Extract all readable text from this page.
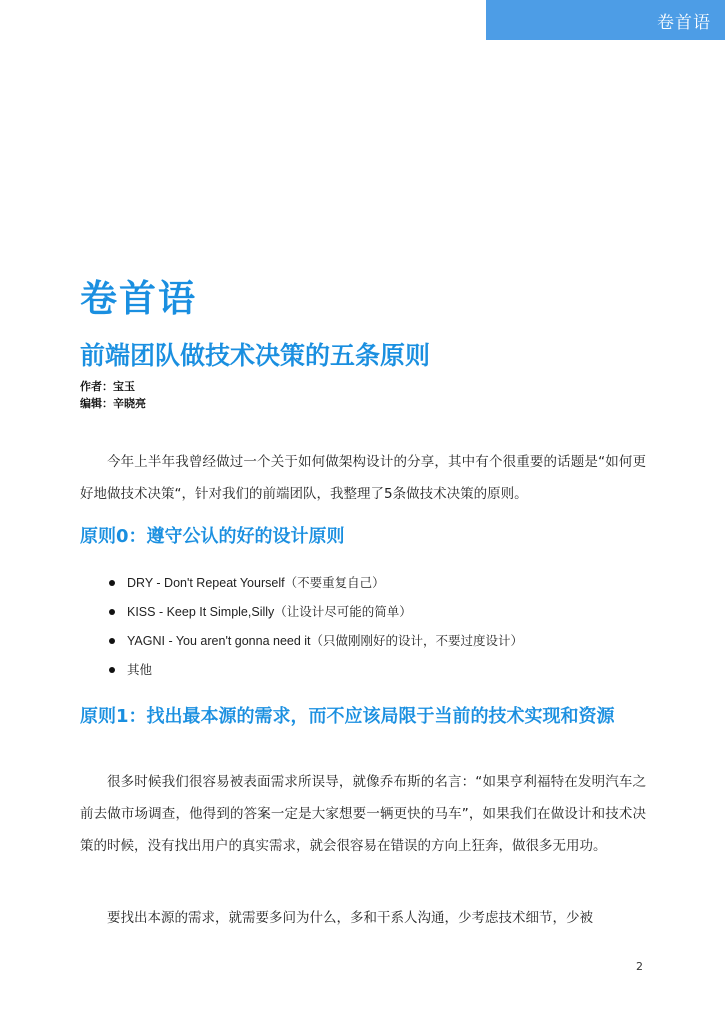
卷首语
卷首语
前端团队做技术决策的五条原则
作者：宝玉
编辑：辛晓亮

今年上半年我曾经做过一个关于如何做架构设计的分享，其中有个很重要的话题是“如何更好地做技术决策“，针对我们的前端团队，我整理了5条做技术决策的原则。

原则0：遵守公认的好的设计原则
DRY - Don't Repeat Yourself（不要重复自己）
KISS - Keep It Simple,Silly（让设计尽可能的简单）
YAGNI - You aren't gonna need it（只做刚刚好的设计，不要过度设计）
其他
原则1：找出最本源的需求，而不应该局限于当前的技术实现和资源

很多时候我们很容易被表面需求所误导，就像乔布斯的名言：“如果亨利福特在发明汽车之前去做市场调查，他得到的答案一定是大家想要一辆更快的马车”，如果我们在做设计和技术决策的时候，没有找出用户的真实需求，就会很容易在错误的方向上狂奔，做很多无用功。

要找出本源的需求，就需要多问为什么，多和干系人沟通，少考虑技术细节，少被

2
